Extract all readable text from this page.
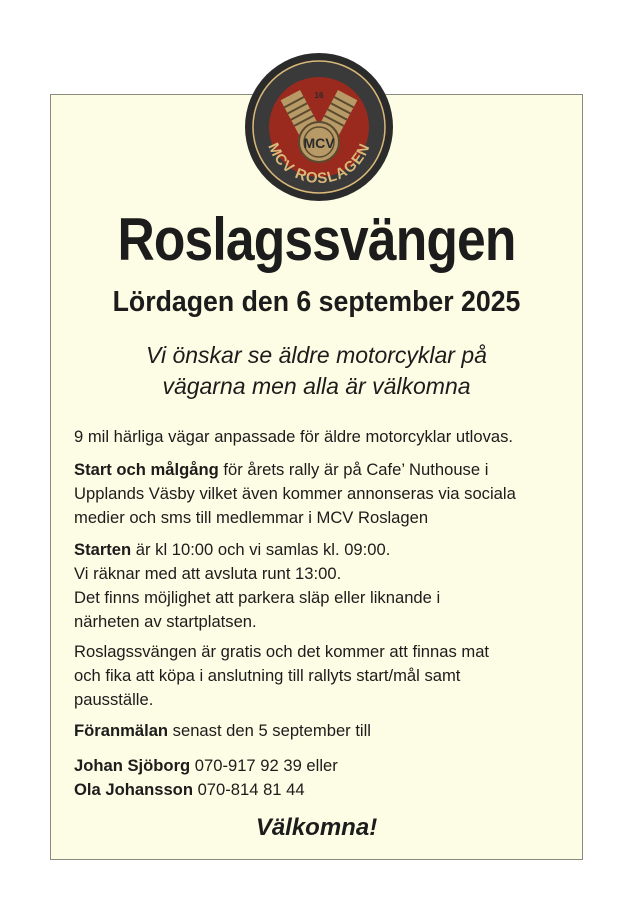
MCV
16
MCV ROSLAGEN
Roslagssvängen
Lördagen den 6 september 2025

Vi önskar se äldre motorcyklar på
vägarna men alla är välkomna

9 mil härliga vägar anpassade för äldre motorcyklar utlovas.

Start och målgång för årets rally är på Cafe’ Nuthouse i
Upplands Väsby vilket även kommer annonseras via sociala
medier och sms till medlemmar i MCV Roslagen

Starten är kl 10:00 och vi samlas kl. 09:00.
Vi räknar med att avsluta runt 13:00.
Det finns möjlighet att parkera släp eller liknande i
närheten av startplatsen.

Roslagssvängen är gratis och det kommer att finnas mat
och fika att köpa i anslutning till rallyts start/mål samt
pausställe.

Föranmälan senast den 5 september till

Johan Sjöborg 070-917 92 39 eller
Ola Johansson 070-814 81 44

Välkomna!
